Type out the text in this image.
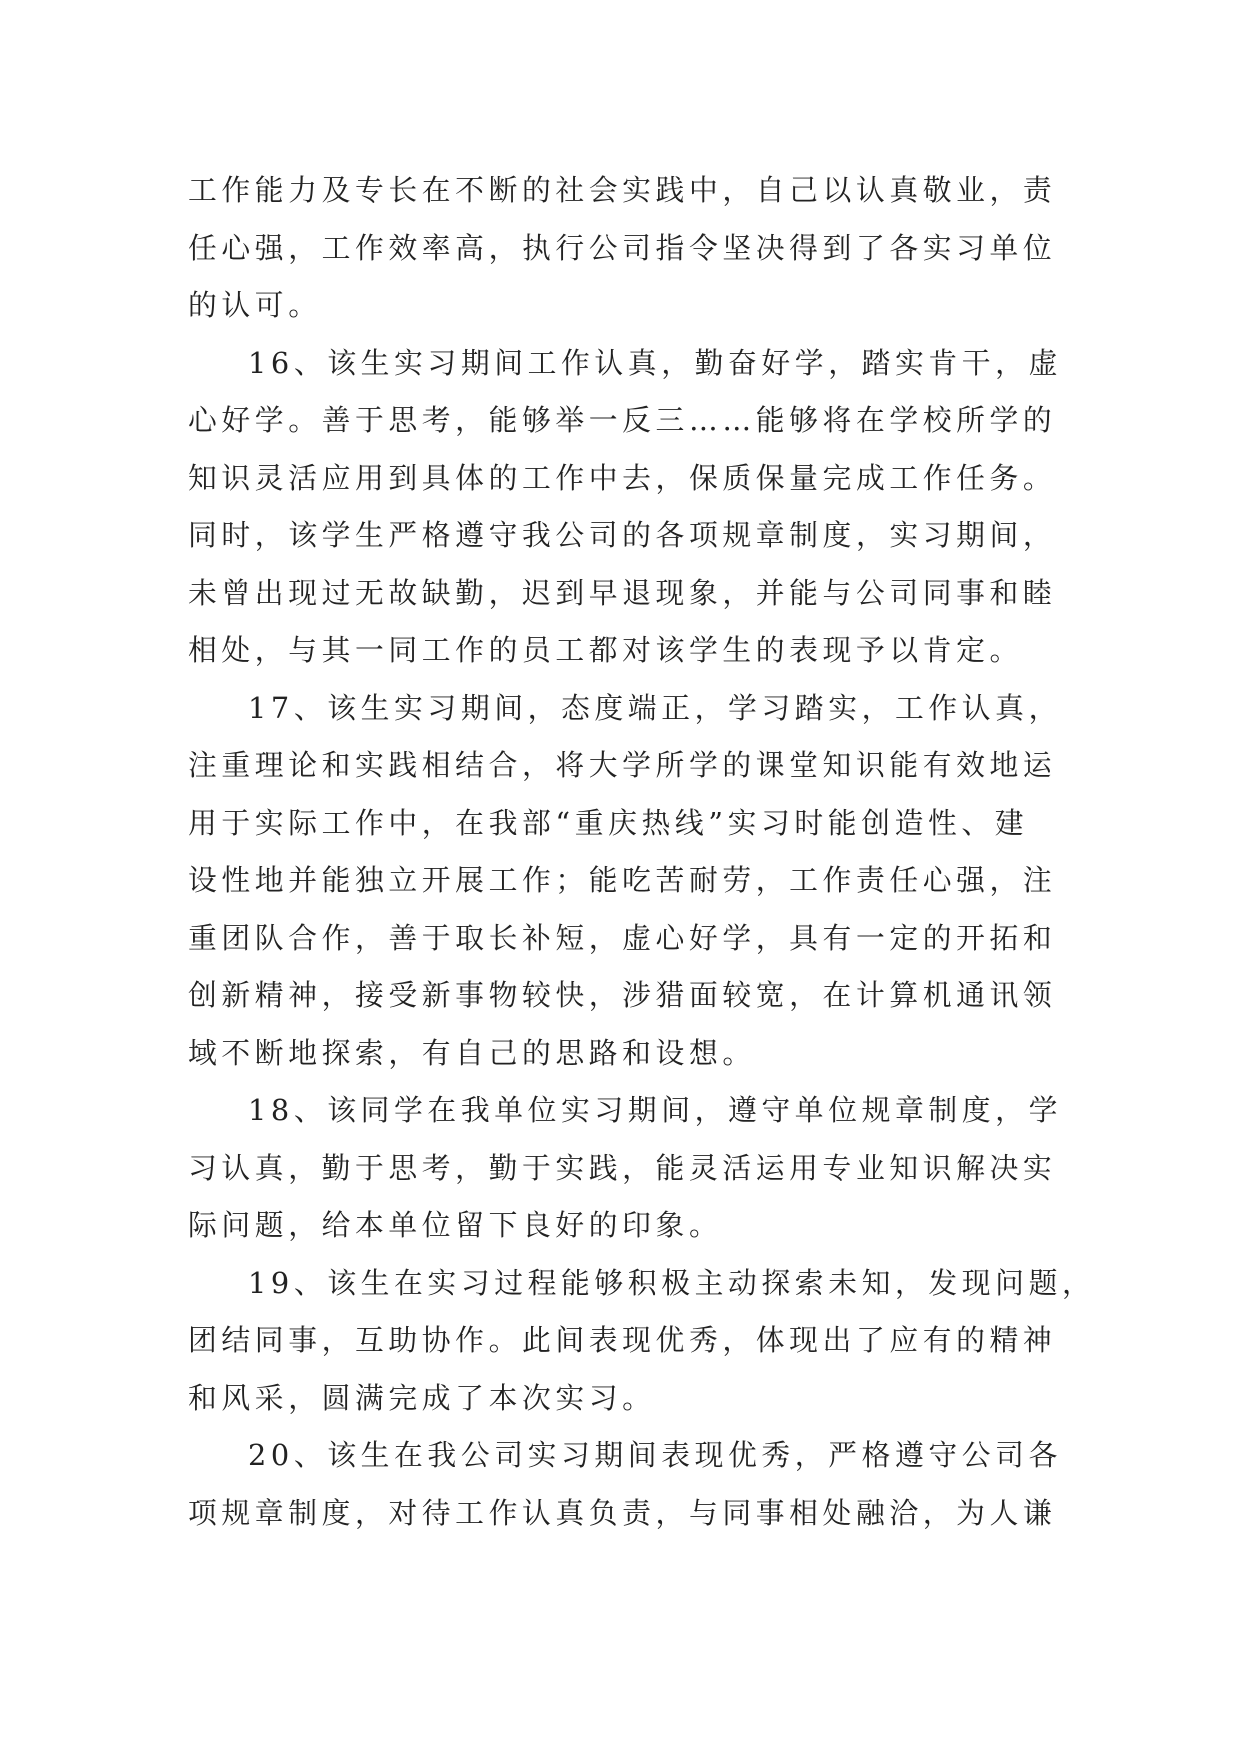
工作能力及专长在不断的社会实践中，自己以认真敬业，责
任心强，工作效率高，执行公司指令坚决得到了各实习单位
的认可。
16、该生实习期间工作认真，勤奋好学，踏实肯干，虚
心好学。善于思考，能够举一反三……能够将在学校所学的
知识灵活应用到具体的工作中去，保质保量完成工作任务。
同时，该学生严格遵守我公司的各项规章制度，实习期间，
未曾出现过无故缺勤，迟到早退现象，并能与公司同事和睦
相处，与其一同工作的员工都对该学生的表现予以肯定。
17、该生实习期间，态度端正，学习踏实，工作认真，
注重理论和实践相结合，将大学所学的课堂知识能有效地运
用于实际工作中，在我部“重庆热线”实习时能创造性、建
设性地并能独立开展工作；能吃苦耐劳，工作责任心强，注
重团队合作，善于取长补短，虚心好学，具有一定的开拓和
创新精神，接受新事物较快，涉猎面较宽，在计算机通讯领
域不断地探索，有自己的思路和设想。
18、该同学在我单位实习期间，遵守单位规章制度，学
习认真，勤于思考，勤于实践，能灵活运用专业知识解决实
际问题，给本单位留下良好的印象。
19、该生在实习过程能够积极主动探索未知，发现问题，
团结同事，互助协作。此间表现优秀，体现出了应有的精神
和风采，圆满完成了本次实习。
20、该生在我公司实习期间表现优秀，严格遵守公司各
项规章制度，对待工作认真负责，与同事相处融洽，为人谦
